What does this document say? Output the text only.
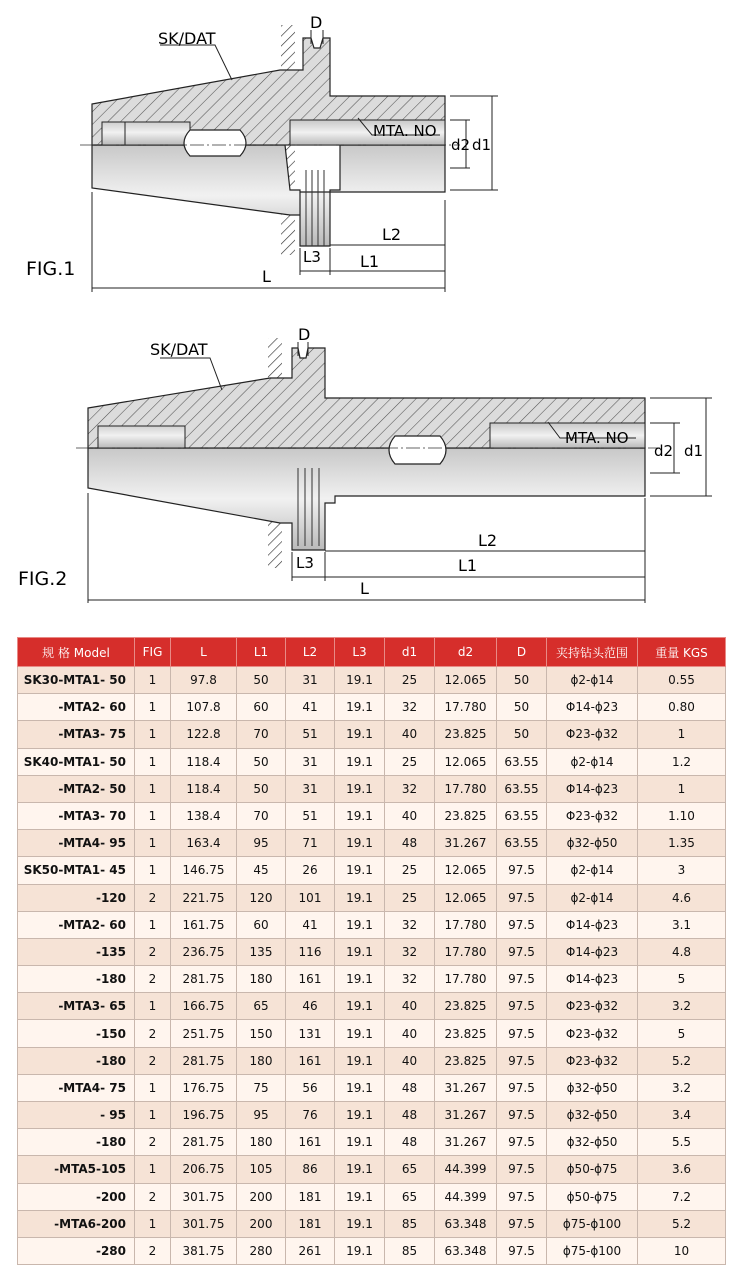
SK/DAT
MTA. NO
D
d2 d1
L
L1
L2
L3
FIG.1
SK/DAT
MTA. NO
D
d2 d1
L
L1
L2
L3
FIG.2
规 格 Model	FIG	L	L1	L2	L3	d1	d2	D	夹持钻头范围	重量 KGS
SK30-MTA1- 50	1	97.8	50	31	19.1	25	12.065	50	ϕ2-ϕ14	0.55
-MTA2- 60	1	107.8	60	41	19.1	32	17.780	50	Φ14-ϕ23	0.80
-MTA3- 75	1	122.8	70	51	19.1	40	23.825	50	Φ23-ϕ32	1
SK40-MTA1- 50	1	118.4	50	31	19.1	25	12.065	63.55	ϕ2-ϕ14	1.2
-MTA2- 50	1	118.4	50	31	19.1	32	17.780	63.55	Φ14-ϕ23	1
-MTA3- 70	1	138.4	70	51	19.1	40	23.825	63.55	Φ23-ϕ32	1.10
-MTA4- 95	1	163.4	95	71	19.1	48	31.267	63.55	ϕ32-ϕ50	1.35
SK50-MTA1- 45	1	146.75	45	26	19.1	25	12.065	97.5	ϕ2-ϕ14	3
-120	2	221.75	120	101	19.1	25	12.065	97.5	ϕ2-ϕ14	4.6
-MTA2- 60	1	161.75	60	41	19.1	32	17.780	97.5	Φ14-ϕ23	3.1
-135	2	236.75	135	116	19.1	32	17.780	97.5	Φ14-ϕ23	4.8
-180	2	281.75	180	161	19.1	32	17.780	97.5	Φ14-ϕ23	5
-MTA3- 65	1	166.75	65	46	19.1	40	23.825	97.5	Φ23-ϕ32	3.2
-150	2	251.75	150	131	19.1	40	23.825	97.5	Φ23-ϕ32	5
-180	2	281.75	180	161	19.1	40	23.825	97.5	Φ23-ϕ32	5.2
-MTA4- 75	1	176.75	75	56	19.1	48	31.267	97.5	ϕ32-ϕ50	3.2
- 95	1	196.75	95	76	19.1	48	31.267	97.5	ϕ32-ϕ50	3.4
-180	2	281.75	180	161	19.1	48	31.267	97.5	ϕ32-ϕ50	5.5
-MTA5-105	1	206.75	105	86	19.1	65	44.399	97.5	ϕ50-ϕ75	3.6
-200	2	301.75	200	181	19.1	65	44.399	97.5	ϕ50-ϕ75	7.2
-MTA6-200	1	301.75	200	181	19.1	85	63.348	97.5	ϕ75-ϕ100	5.2
-280	2	381.75	280	261	19.1	85	63.348	97.5	ϕ75-ϕ100	10
